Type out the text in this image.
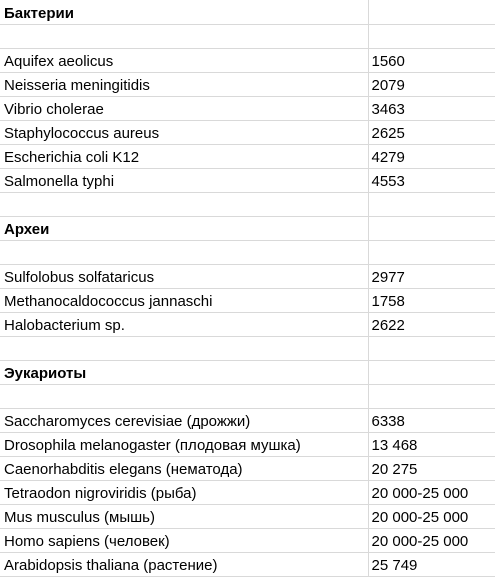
Бактерии	

Aquifex aeolicus	1560
Neisseria meningitidis	2079
Vibrio cholerae	3463
Staphylococcus aureus	2625
Escherichia coli K12	4279
Salmonella typhi	4553

Археи	

Sulfolobus solfataricus	2977
Methanocaldococcus jannaschi	1758
Halobacterium sp.	2622

Эукариоты	

Saccharomyces cerevisiae (дрожжи)	6338
Drosophila melanogaster (плодовая мушка)	13 468
Caenorhabditis elegans (нематода)	20 275
Tetraodon nigroviridis (рыба)	20 000-25 000
Mus musculus (мышь)	20 000-25 000
Homo sapiens (человек)	20 000-25 000
Arabidopsis thaliana (растение)	25 749
